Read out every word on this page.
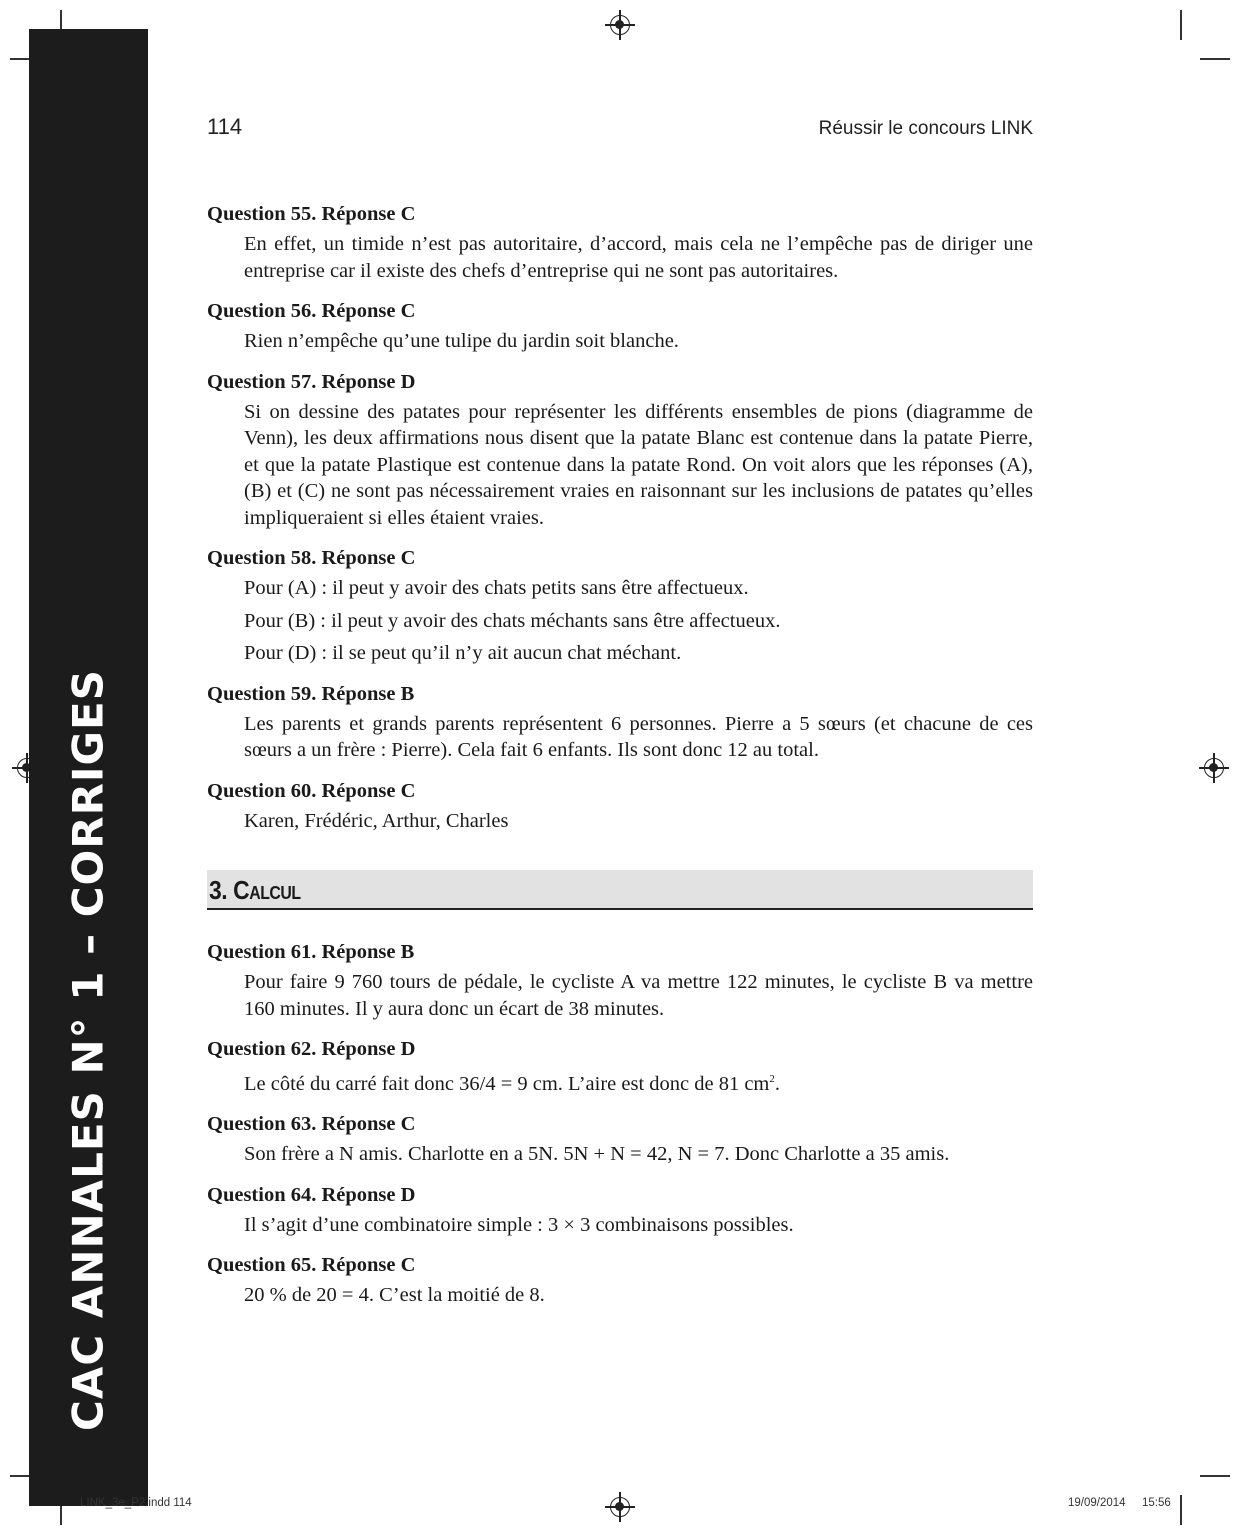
CAC ANNALES N° 1 – CORRIGES
114	Réussir le concours LINK
Question 55. Réponse C

En effet, un timide n’est pas autoritaire, d’accord, mais cela ne l’empêche pas de diriger une entreprise car il existe des chefs d’entreprise qui ne sont pas autoritaires.

Question 56. Réponse C

Rien n’empêche qu’une tulipe du jardin soit blanche.

Question 57. Réponse D

Si on dessine des patates pour représenter les différents ensembles de pions (diagramme de Venn), les deux affirmations nous disent que la patate Blanc est contenue dans la patate Pierre, et que la patate Plastique est contenue dans la patate Rond. On voit alors que les réponses (A), (B) et (C) ne sont pas nécessairement vraies en raisonnant sur les inclusions de patates qu’elles impliqueraient si elles étaient vraies.

Question 58. Réponse C

Pour (A) : il peut y avoir des chats petits sans être affectueux.

Pour (B) : il peut y avoir des chats méchants sans être affectueux.

Pour (D) : il se peut qu’il n’y ait aucun chat méchant.

Question 59. Réponse B

Les parents et grands parents représentent 6 personnes. Pierre a 5 sœurs (et chacune de ces sœurs a un frère : Pierre). Cela fait 6 enfants. Ils sont donc 12 au total.

Question 60. Réponse C

Karen, Frédéric, Arthur, Charles

3. Calcul
Question 61. Réponse B

Pour faire 9 760 tours de pédale, le cycliste A va mettre 122 minutes, le cycliste B va mettre 160 minutes. Il y aura donc un écart de 38 minutes.

Question 62. Réponse D

Le côté du carré fait donc 36/4 = 9 cm. L’aire est donc de 81 $cm^2$.

Question 63. Réponse C

Son frère a N amis. Charlotte en a 5N. 5N + N = 42, N = 7. Donc Charlotte a 35 amis.

Question 64. Réponse D

Il s’agit d’une combinatoire simple : 3 × 3 combinaisons possibles.

Question 65. Réponse C

20 % de 20 = 4. C’est la moitié de 8.

LINK_3e_P2.indd 114	19/09/2014 15:56
